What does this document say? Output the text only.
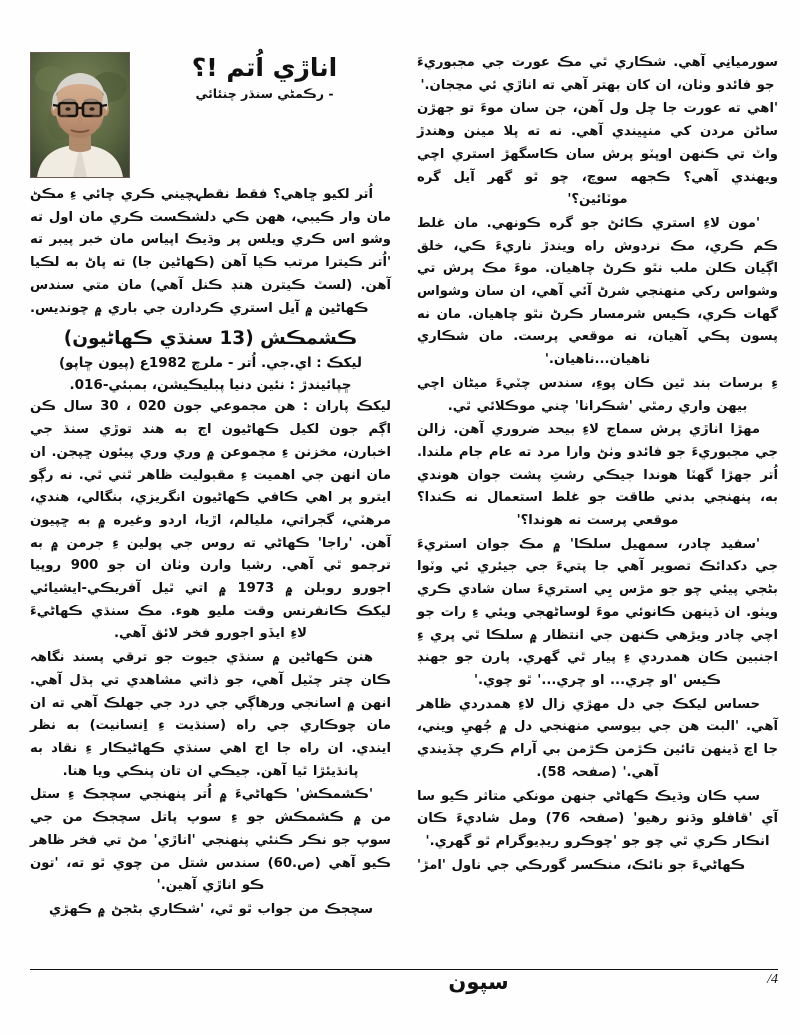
اناڙي اُتم !؟

- رڪمڻي سنڌر چنئائي

اُتر لکيو ڇاهي؟ فقط نقطہچيني ڪري چائي ءِ مڪڻ مان وار ڪيبي، ههن ڪي دلشڪست ڪري مان اول ته وشو اس ڪري ويلس پر وڌيڪ اپياس مان خبر پيبر ته 'اُتر ڪيترا مرتب ڪيا آهن (ڪهاڻين جا) ته پاڻ به لڪيا آهن. (لسٽ ڪيترن هنڊ ڪنل آهي) مان متي سندس ڪهاڻين ۾ آيل استري ڪردارن جي باري ۾ چونديس.

ڪشمڪش (13 سنڌي ڪهاڻيون)

ليکڪ : اي.جي. اُتر - ملرچ 1982ع (پيون ڇاپو)

ڇپائيندڙ : نئين دنيا پبليڪيشن، بمبئي-016.

ليکڪ پاران : هن مجموعي جون 020 ، 30 سال ڪن اڳم جون لکيل ڪهاڻيون اڄ به هند توڙي سنڌ جي اخبارن، مخزنن ءِ مجموعن ۾ وري وري پيئون ڇپجن. ان مان انهن جي اهميت ءِ مقبوليت ظاهر ٿني ٿي. نه رڳو ايترو پر اهي ڪافي ڪهاڻيون انگريزي، بنگالي، هندي، مرهٽي، گجراتي، مليالم، اڙيا، اردو وغيره ۾ به ڇپيون آهن. 'راجا' ڪهاڻي ته روس جي پولين ءِ جرمن ۾ به ترجمو ٿي آهي. رشيا وارن وٺان ان جو 900 روپيا اجورو روبلن ۾ 1973 ۾ اتي ٿيل آفريڪي-ايشيائي ليکڪ ڪانفرنس وقت مليو هوء. مڪ سنڌي ڪهاڻيءَ لاءِ ايڏو اجورو فخر لائق آهي.

هنن ڪهاڻين ۾ سنڌي جيوت جو ترقي پسند نگاهہ ڪان چتر چٽيل آهي، جو ذاتي مشاهدي تي ٻڌل آهي. انهن ۾ اسانجي ورهاڳي جي درد جي جهلڪ آهي ته ان مان چوڪاري جي راه (سنڌيت ءِ اِنسانيت) به نظر ايندي. ان راه جا اڄ اهي سنڌي ڪهاڻيڪار ءِ نقاد به پانڌيئڙا ٿيا آهن. جيڪي ان تان پنڪي ويا هنا.

'ڪشمڪش' ڪهاڻيءَ ۾ اُتر پنهنجي سچجڪ ءِ ستل من ۾ ڪشمڪش جو ءِ سوپ پاتل سچجڪ من جي سوپ جو نڪر ڪنئي پنهنجي 'اناڙي' مڻ تي فخر ظاهر ڪيو آهي (ص.60) سندس شتل من چوي ٿو ته، 'تون ڪو اناڙي آهين.'

سچجڪ من جواب ٿو ٿي، 'شڪاري بڻجڻ ۾ ڪهڙي

سورميانِي آهي. شڪاري ٿي مڪ عورت جي مجبوريءَ جو فائدو وٺان، ان کان بهتر آهي ته اناڙي ئي مڃجان.'

'اهي ته عورت جا چل ول آهن، جن سان موءَ تو جهڙن ساڻن مردن کي منڀيندي آهي. نه ته پلا مينن وهندڙ واٽ تي ڪنهن اوپٽو پرش سان ڪاسگهڙ استري اچي ويهندي آهي؟ ڪجهه سوچ، چو ٿو گهر آيل گره موٽائين؟'

'مون لاءِ استري ڪائڻ جو گره ڪونهي. مان غلط ڪم ڪري، مڪ نردوش راه ويندڙ ناريءَ ڪي، خلق اڳيان ڪلن ملب نٿو ڪرڻ چاهيان. موءَ مڪ پرش تي وشواس رکي منهنجي شرڻ آئي آهي، ان سان وشواس گهات ڪري، ڪيس شرمسار ڪرڻ نٿو چاهيان. مان نه پسون پڪي آهيان، نه موقعي پرست. مان شڪاري ناهيان...ناهيان.'

ءِ برسات بند ٿين ڪان پوءِ، سندس چٽيءَ ميڻان اچي بيهن واري رمٿي 'شڪرانا' چني موڪلائي ٿي.

مهڙا اناڙي پرش سماج لاءِ بيحد ضروري آهن. زالن جي مجبوريءَ جو فائدو وٺڻ وارا مرد ته عام جام ملندا. اُتر جهڙا گهٽا هوندا جيڪي رشتِ پشت جوان هوندي به، پنهنجي بدني طاقت جو غلط استعمال نه ڪندا؟ موقعي پرست نه هوندا؟'

'سفيد چادر، سمهيل سلڪا' ۾ مڪ جوان استريءَ جي دکدائڪ تصوير آهي جا پتيءَ جي جيئري ئي وٽوا بڻجي پيئي چو جو مڙس بِي استريءَ سان شادي ڪري ويٺو. ان ڏينهن ڪانوئي موءَ لوساڻهجي ويئي ءِ رات جو اچي چادر ويڙهي ڪنهن جي انتظار ۾ سلڪا ٿي پري ءِ اجنبين ڪان همدردي ءِ پيار ٿي گهري. پارن جو جهنڊ ڪيس 'او چري... او چري...' ٿو چوي.'

حساس ليکڪ جي دل مهڙي زال لاءِ همدردي ظاهر آهي. 'البت هن جي بيوسي منهنجي دل ۾ جُهيِ ويني، جا اچ ڏينهن تائين ڪڙمن ڪڙمن بي آرام ڪري چڏيندي آهي.' (صفحہ 58).

سپ ڪان وڌيڪ ڪهاڻي جنهن مونکي متاثر ڪيو سا آي 'قافلو وڌنو رهيو' (صفحہ 76) ومل شاديءَ ڪان انڪار ڪري ٿي چو جو 'چوڪرو ريڊيوگرام ٿو گهري.'

ڪهاڻيءَ جو نائڪ، منڪسر گورڪي جي ناول 'امڙ'

4/
سپون
